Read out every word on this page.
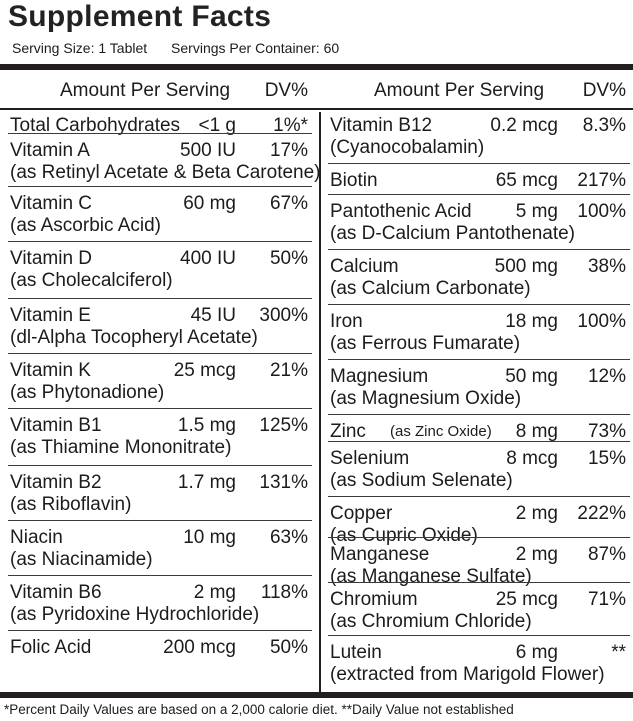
Supplement Facts
Serving Size: 1 Tablet Servings Per Container: 60
Amount Per Serving DV%
Total Carbohydrates <1 g 1%*
Vitamin A	500 IU 17%
(as Retinyl Acetate & Beta Carotene)
Vitamin C	60 mg 67%
(as Ascorbic Acid)
Vitamin D	400 IU 50%
(as Cholecalciferol)
Vitamin E	45 IU 300%
(dl-Alpha Tocopheryl Acetate)
Vitamin K	25 mcg 21%
(as Phytonadione)
Vitamin B1	1.5 mg 125%
(as Thiamine Mononitrate)
Vitamin B2	1.7 mg 131%
(as Riboflavin)
Niacin	10 mg 63%
(as Niacinamide)
Vitamin B6	2 mg 118%
(as Pyridoxine Hydrochloride)
Folic Acid	200 mcg 50%
Amount Per Serving DV%
Vitamin B12	0.2 mcg 8.3%
(Cyanocobalamin)
Biotin	65 mcg 217%
Pantothenic Acid 5 mg 100%
(as D-Calcium Pantothenate)
Calcium	500 mg 38%
(as Calcium Carbonate)
Iron	18 mg 100%
(as Ferrous Fumarate)
Magnesium	50 mg 12%
(as Magnesium Oxide)
Zinc (as Zinc Oxide) 8 mg 73%
Selenium	8 mcg 15%
(as Sodium Selenate)
Copper	2 mg 222%
(as Cupric Oxide)
Manganese	2 mg 87%
(as Manganese Sulfate)
Chromium	25 mcg 71%
(as Chromium Chloride)
Lutein	6 mg	**
(extracted from Marigold Flower)
*Percent Daily Values are based on a 2,000 calorie diet. **Daily Value not established
